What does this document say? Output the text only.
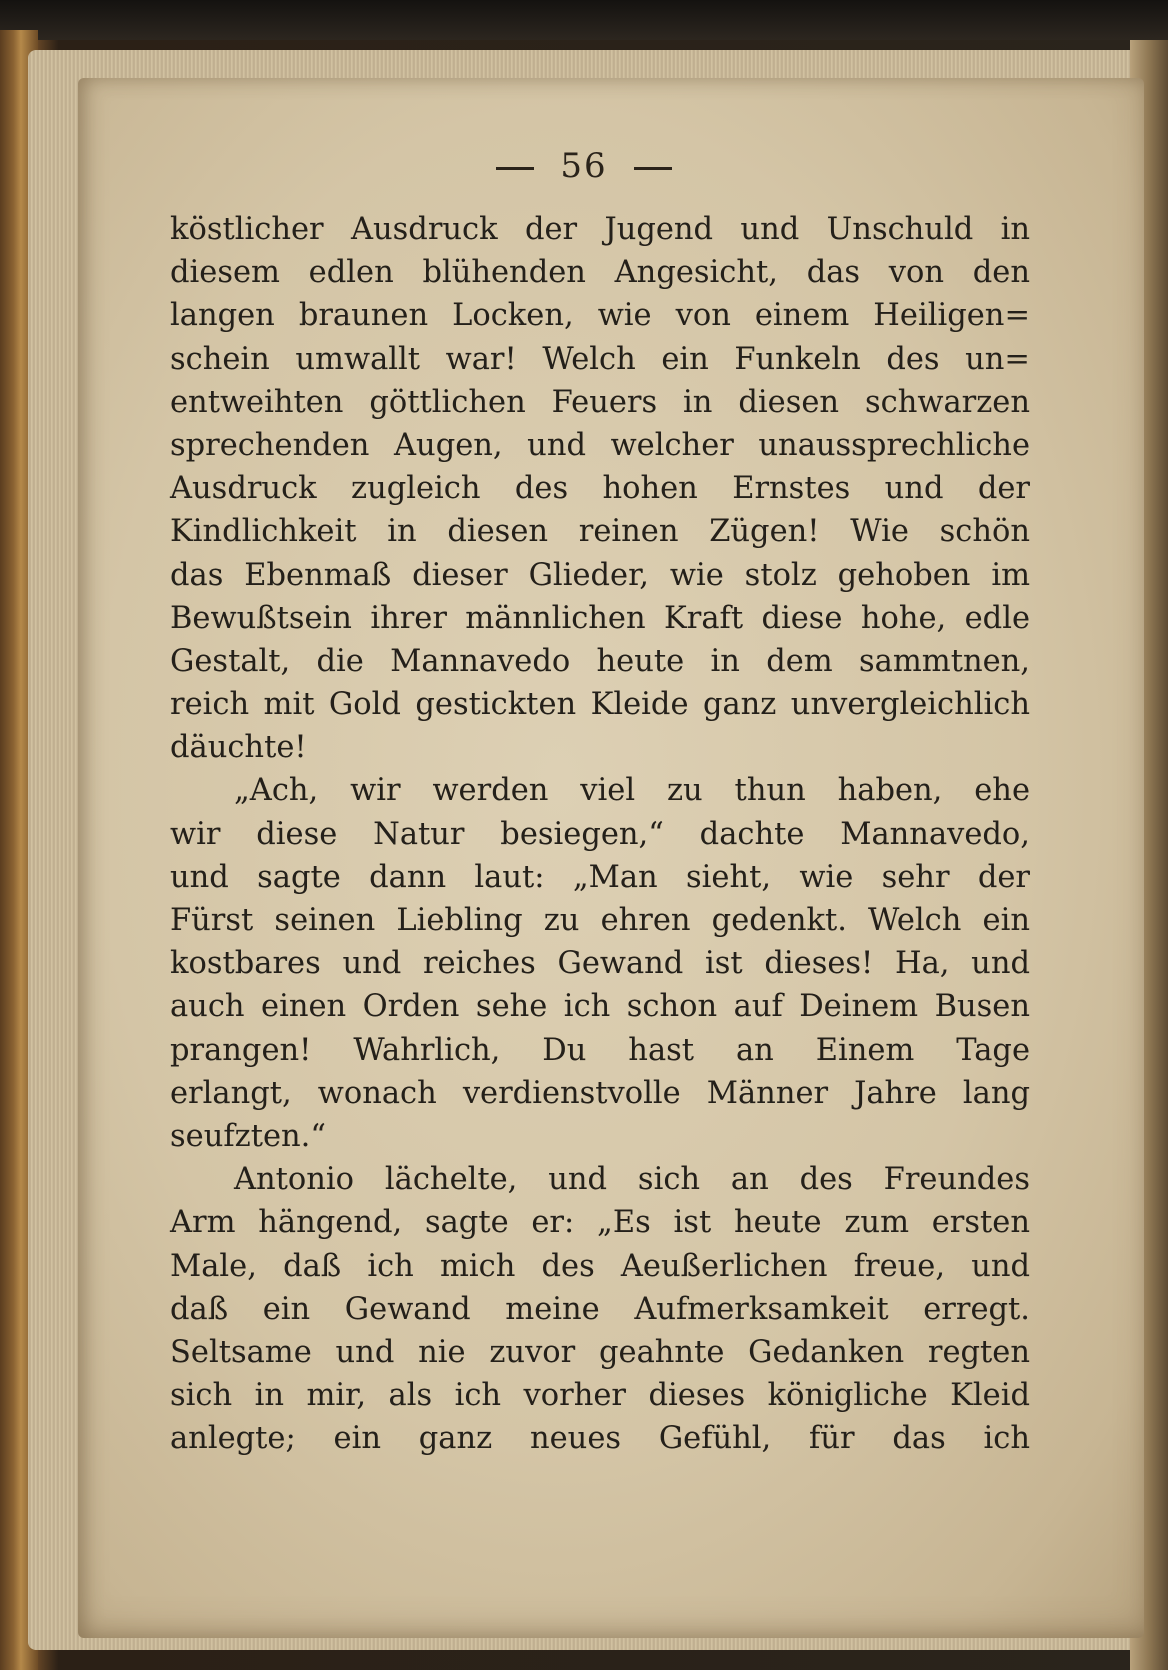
56
köstlicher Ausdruck der Jugend und Unschuld in
diesem edlen blühenden Angesicht, das von den
langen braunen Locken, wie von einem Heiligen=
schein umwallt war! Welch ein Funkeln des un=
entweihten göttlichen Feuers in diesen schwarzen
sprechenden Augen, und welcher unaussprechliche
Ausdruck zugleich des hohen Ernstes und der
Kindlichkeit in diesen reinen Zügen! Wie schön
das Ebenmaß dieser Glieder, wie stolz gehoben im
Bewußtsein ihrer männlichen Kraft diese hohe, edle
Gestalt, die Mannavedo heute in dem sammtnen,
reich mit Gold gestickten Kleide ganz unvergleichlich
däuchte!
„Ach, wir werden viel zu thun haben, ehe
wir diese Natur besiegen,“ dachte Mannavedo,
und sagte dann laut: „Man sieht, wie sehr der
Fürst seinen Liebling zu ehren gedenkt. Welch ein
kostbares und reiches Gewand ist dieses! Ha, und
auch einen Orden sehe ich schon auf Deinem Busen
prangen! Wahrlich, Du hast an Einem Tage
erlangt, wonach verdienstvolle Männer Jahre lang
seufzten.“
Antonio lächelte, und sich an des Freundes
Arm hängend, sagte er: „Es ist heute zum ersten
Male, daß ich mich des Aeußerlichen freue, und
daß ein Gewand meine Aufmerksamkeit erregt.
Seltsame und nie zuvor geahnte Gedanken regten
sich in mir, als ich vorher dieses königliche Kleid
anlegte; ein ganz neues Gefühl, für das ich
